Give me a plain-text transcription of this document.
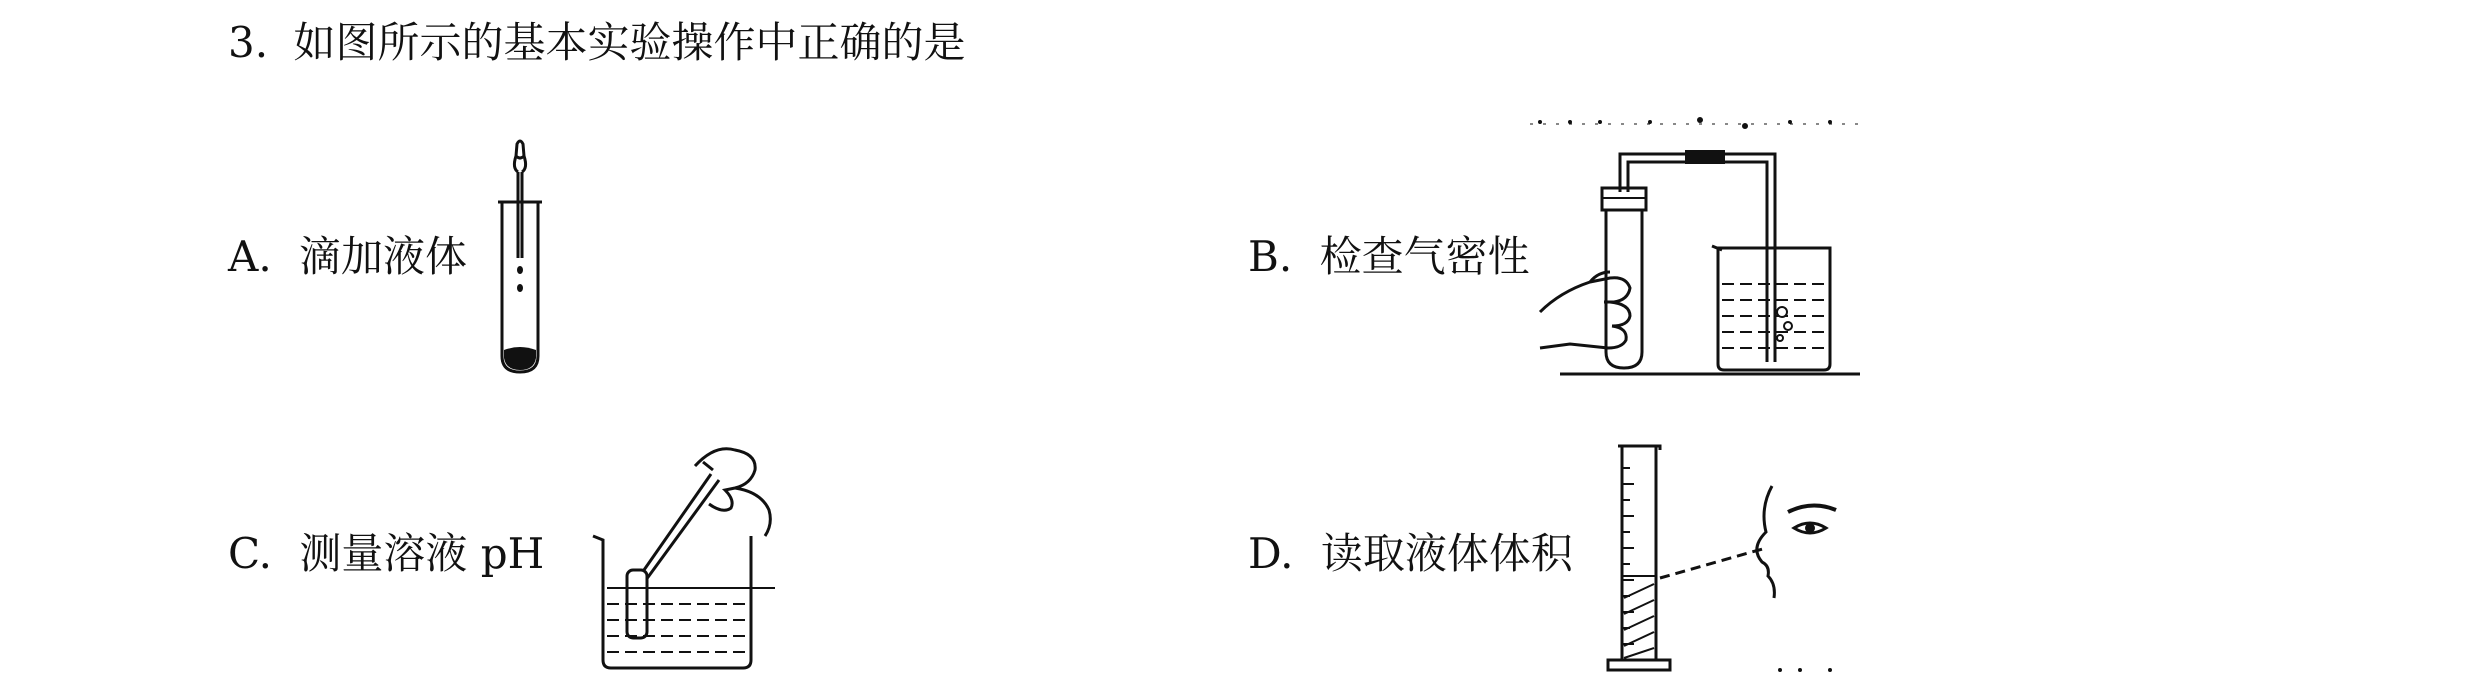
3. 如图所示的基本实验操作中正确的是
A. 滴加液体	B. 检查气密性
C. 测量溶液 pH	D. 读取液体体积
